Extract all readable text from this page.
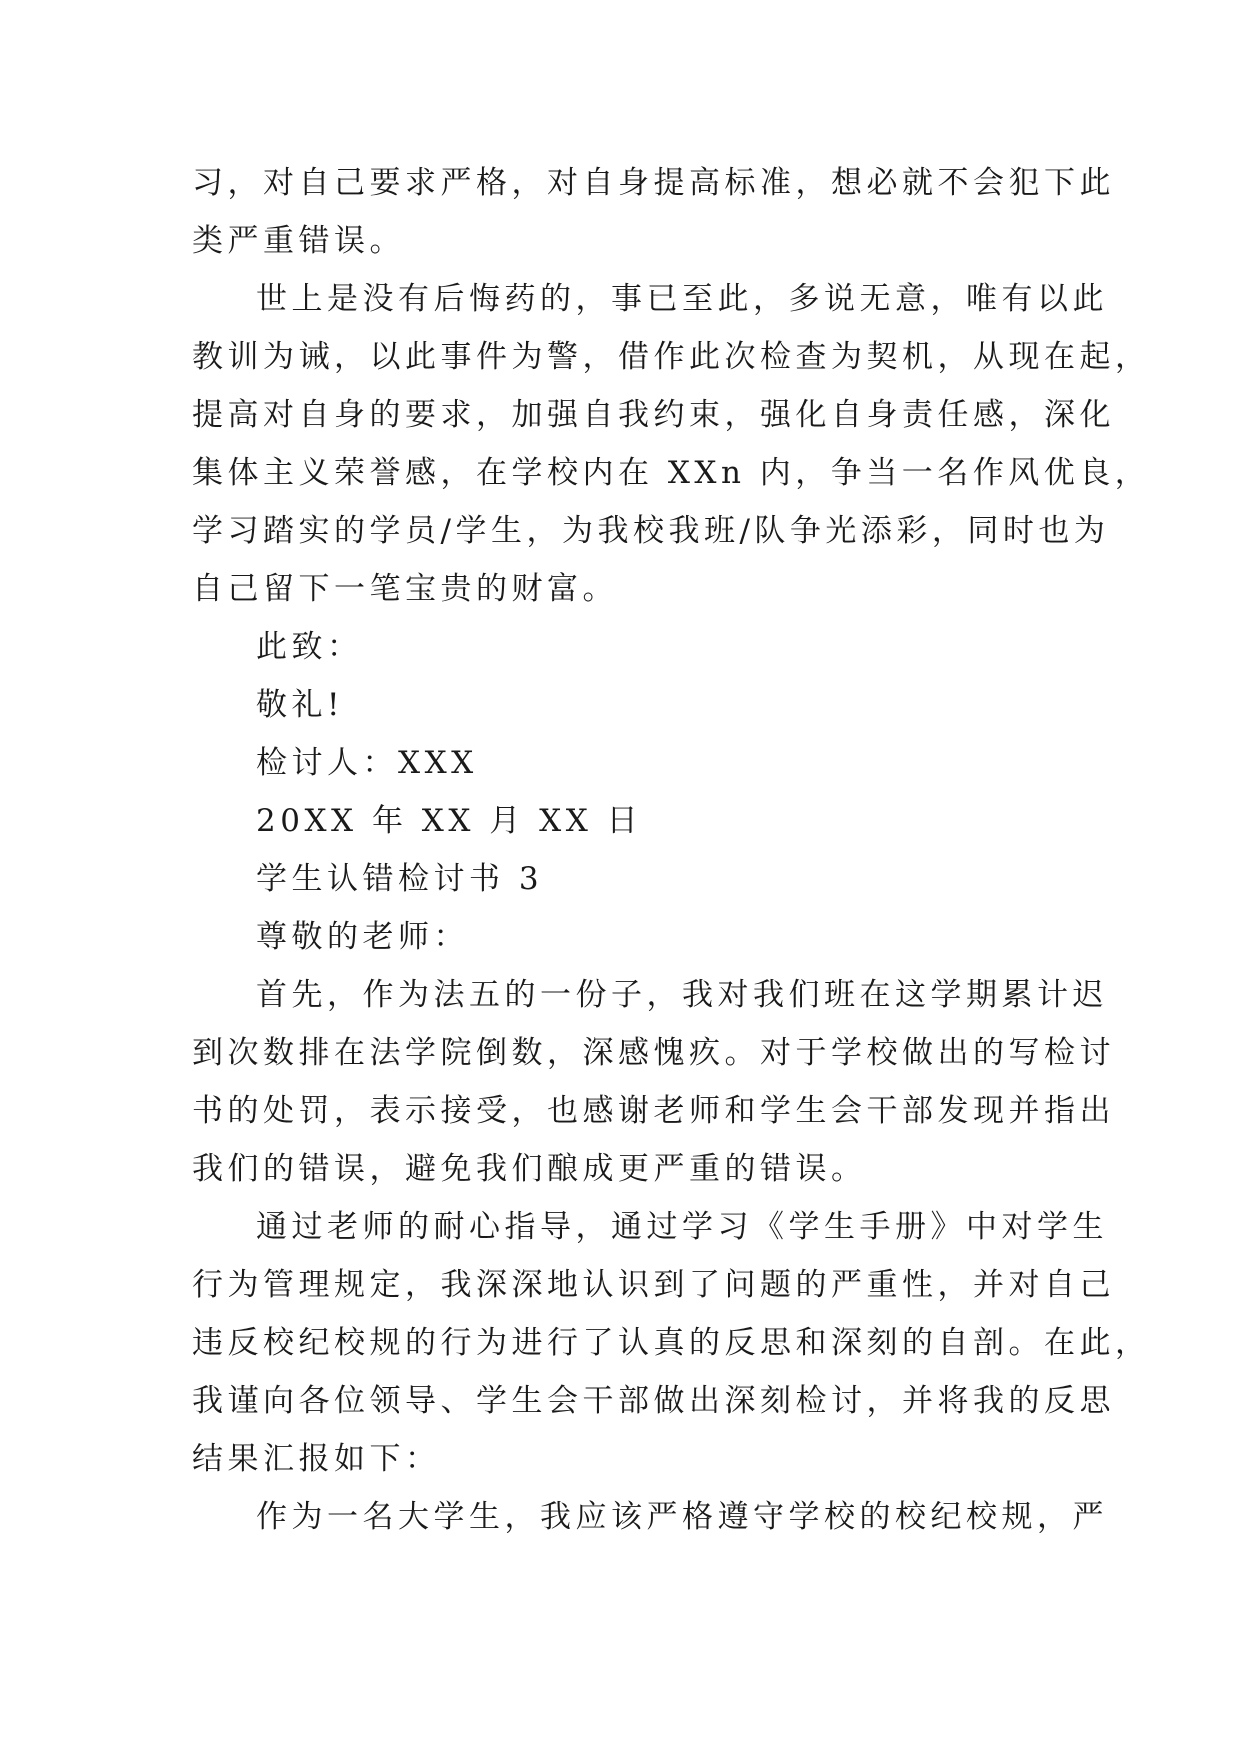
习，对自己要求严格，对自身提高标准，想必就不会犯下此
类严重错误。
世上是没有后悔药的，事已至此，多说无意，唯有以此
教训为诫，以此事件为警，借作此次检查为契机，从现在起，
提高对自身的要求，加强自我约束，强化自身责任感，深化
集体主义荣誉感，在学校内在 XXn 内，争当一名作风优良，
学习踏实的学员/学生，为我校我班/队争光添彩，同时也为
自己留下一笔宝贵的财富。
此致：
敬礼!
检讨人：XXX
20XX 年 XX 月 XX 日
学生认错检讨书 3
尊敬的老师：
首先，作为法五的一份子，我对我们班在这学期累计迟
到次数排在法学院倒数，深感愧疚。对于学校做出的写检讨
书的处罚，表示接受，也感谢老师和学生会干部发现并指出
我们的错误，避免我们酿成更严重的错误。
通过老师的耐心指导，通过学习《学生手册》中对学生
行为管理规定，我深深地认识到了问题的严重性，并对自己
违反校纪校规的行为进行了认真的反思和深刻的自剖。在此，
我谨向各位领导、学生会干部做出深刻检讨，并将我的反思
结果汇报如下：
作为一名大学生，我应该严格遵守学校的校纪校规，严
